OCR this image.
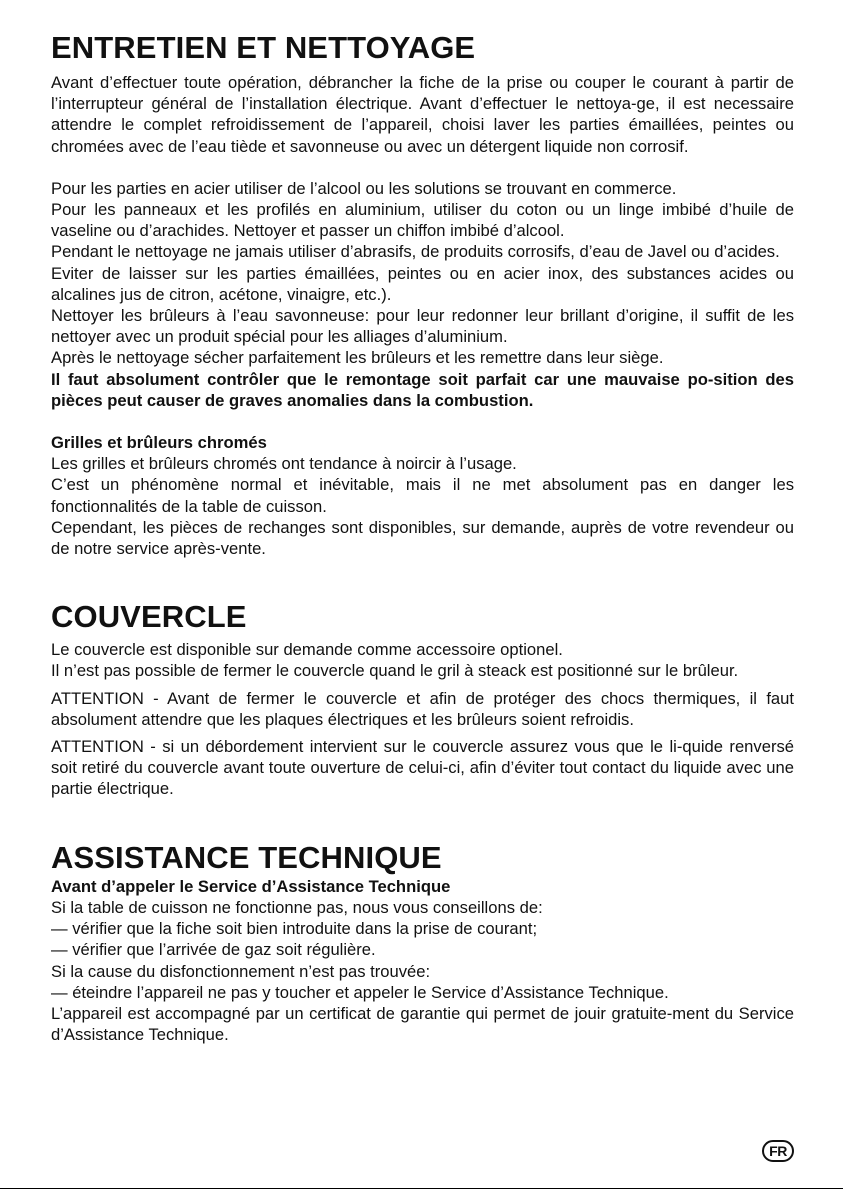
ENTRETIEN ET NETTOYAGE

Avant d’effectuer toute opération, débrancher la fiche de la prise ou couper le courant à partir de l’interrupteur général de l’installation électrique. Avant d’effectuer le nettoya-ge, il est necessaire attendre le complet refroidissement de l’appareil, choisi laver les parties émaillées, peintes ou chromées avec de l’eau tiède et savonneuse ou avec un détergent liquide non corrosif.

Pour les parties en acier utiliser de l’alcool ou les solutions se trouvant en commerce.

Pour les panneaux et les profilés en aluminium, utiliser du coton ou un linge imbibé d’huile de vaseline ou d’arachides. Nettoyer et passer un chiffon imbibé d’alcool.

Pendant le nettoyage ne jamais utiliser d’abrasifs, de produits corrosifs, d’eau de Javel ou d’acides.

Eviter de laisser sur les parties émaillées, peintes ou en acier inox, des substances acides ou alcalines jus de citron, acétone, vinaigre, etc.).

Nettoyer les brûleurs à l’eau savonneuse: pour leur redonner leur brillant d’origine, il suffit de les nettoyer avec un produit spécial pour les alliages d’aluminium.

Après le nettoyage sécher parfaitement les brûleurs et les remettre dans leur siège.

Il faut absolument contrôler que le remontage soit parfait car une mauvaise po-sition des pièces peut causer de graves anomalies dans la combustion.

Grilles et brûleurs chromés

Les grilles et brûleurs chromés ont tendance à noircir à l’usage.

C’est un phénomène normal et inévitable, mais il ne met absolument pas en danger les fonctionnalités de la table de cuisson.

Cependant, les pièces de rechanges sont disponibles, sur demande, auprès de votre revendeur ou de notre service après-vente.

COUVERCLE

Le couvercle est disponible sur demande comme accessoire optionel.

Il n’est pas possible de fermer le couvercle quand le gril à steack est positionné sur le brûleur.

ATTENTION - Avant de fermer le couvercle et afin de protéger des chocs thermiques, il faut absolument attendre que les plaques électriques et les brûleurs soient refroidis.

ATTENTION - si un débordement intervient sur le couvercle assurez vous que le li-quide renversé soit retiré du couvercle avant toute ouverture de celui-ci, afin d’éviter tout contact du liquide avec une partie électrique.

ASSISTANCE TECHNIQUE

Avant d’appeler le Service d’Assistance Technique

Si la table de cuisson ne fonctionne pas, nous vous conseillons de:

— vérifier que la fiche soit bien introduite dans la prise de courant;

— vérifier que l’arrivée de gaz soit régulière.

Si la cause du disfonctionnement n’est pas trouvée:

— éteindre l’appareil ne pas y toucher et appeler le Service d’Assistance Technique.

L’appareil est accompagné par un certificat de garantie qui permet de jouir gratuite-ment du Service d’Assistance Technique.

FR
